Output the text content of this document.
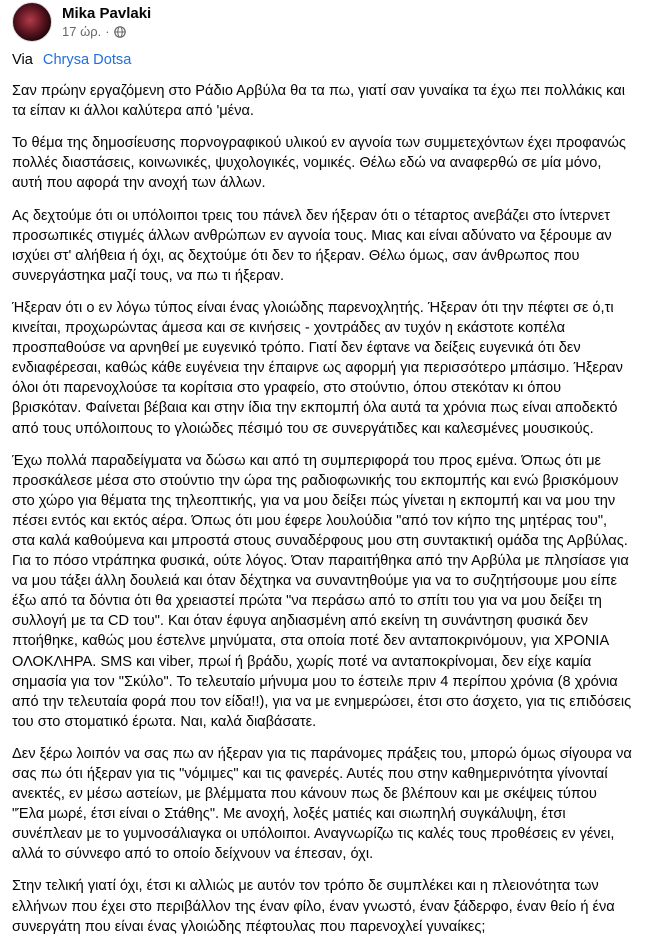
Mika Pavlaki
17 ώρ. ·
Via Chrysa Dotsa

Σαν πρώην εργαζόμενη στο Ράδιο Αρβύλα θα τα πω, γιατί σαν γυναίκα τα έχω πει πολλάκις και τα είπαν κι άλλοι καλύτερα από 'μένα.

Το θέμα της δημοσίευσης πορνογραφικού υλικού εν αγνοία των συμμετεχόντων έχει προφανώς πολλές διαστάσεις, κοινωνικές, ψυχολογικές, νομικές. Θέλω εδώ να αναφερθώ σε μία μόνο, αυτή που αφορά την ανοχή των άλλων.

Ας δεχτούμε ότι οι υπόλοιποι τρεις του πάνελ δεν ήξεραν ότι ο τέταρτος ανεβάζει στο ίντερνετ προσωπικές στιγμές άλλων ανθρώπων εν αγνοία τους. Μιας και είναι αδύνατο να ξέρουμε αν ισχύει στ' αλήθεια ή όχι, ας δεχτούμε ότι δεν το ήξεραν. Θέλω όμως, σαν άνθρωπος που συνεργάστηκα μαζί τους, να πω τι ήξεραν.

Ήξεραν ότι ο εν λόγω τύπος είναι ένας γλοιώδης παρενοχλητής. Ήξεραν ότι την πέφτει σε ό,τι κινείται, προχωρώντας άμεσα και σε κινήσεις - χοντράδες αν τυχόν η εκάστοτε κοπέλα προσπαθούσε να αρνηθεί με ευγενικό τρόπο. Γιατί δεν έφτανε να δείξεις ευγενικά ότι δεν ενδιαφέρεσαι, καθώς κάθε ευγένεια την έπαιρνε ως αφορμή για περισσότερο μπάσιμο. Ήξεραν όλοι ότι παρενοχλούσε τα κορίτσια στο γραφείο, στο στούντιο, όπου στεκόταν κι όπου βρισκόταν. Φαίνεται βέβαια και στην ίδια την εκπομπή όλα αυτά τα χρόνια πως είναι αποδεκτό από τους υπόλοιπους το γλοιώδες πέσιμό του σε συνεργάτιδες και καλεσμένες μουσικούς.

Έχω πολλά παραδείγματα να δώσω και από τη συμπεριφορά του προς εμένα. Όπως ότι με προσκάλεσε μέσα στο στούντιο την ώρα της ραδιοφωνικής του εκπομπής και ενώ βρισκόμουν στο χώρο για θέματα της τηλεοπτικής, για να μου δείξει πώς γίνεται η εκπομπή και να μου την πέσει εντός και εκτός αέρα. Όπως ότι μου έφερε λουλούδια "από τον κήπο της μητέρας του", στα καλά καθούμενα και μπροστά στους συναδέρφους μου στη συντακτική ομάδα της Αρβύλας. Για το πόσο ντράπηκα φυσικά, ούτε λόγος. Όταν παραιτήθηκα από την Αρβύλα με πλησίασε για να μου τάξει άλλη δουλειά και όταν δέχτηκα να συναντηθούμε για να το συζητήσουμε μου είπε έξω από τα δόντια ότι θα χρειαστεί πρώτα "να περάσω από το σπίτι του για να μου δείξει τη συλλογή με τα CD του". Και όταν έφυγα αηδιασμένη από εκείνη τη συνάντηση φυσικά δεν πτοήθηκε, καθώς μου έστελνε μηνύματα, στα οποία ποτέ δεν ανταποκρινόμουν, για ΧΡΟΝΙΑ ΟΛΟΚΛΗΡΑ. SMS και viber, πρωί ή βράδυ, χωρίς ποτέ να ανταποκρίνομαι, δεν είχε καμία σημασία για τον "Σκύλο". Το τελευταίο μήνυμα μου το έστειλε πριν 4 περίπου χρόνια (8 χρόνια από την τελευταία φορά που τον είδα!!), για να με ενημερώσει, έτσι στο άσχετο, για τις επιδόσεις του στο στοματικό έρωτα. Ναι, καλά διαβάσατε.

Δεν ξέρω λοιπόν να σας πω αν ήξεραν για τις παράνομες πράξεις του, μπορώ όμως σίγουρα να σας πω ότι ήξεραν για τις "νόμιμες" και τις φανερές. Αυτές που στην καθημερινότητα γίνονταί ανεκτές, εν μέσω αστείων, με βλέμματα που κάνουν πως δε βλέπουν και με σκέψεις τύπου "Έλα μωρέ, έτσι είναι ο Στάθης". Με ανοχή, λοξές ματιές και σιωπηλή συγκάλυψη, έτσι συνέπλεαν με το γυμνοσάλιαγκα οι υπόλοιποι. Αναγνωρίζω τις καλές τους προθέσεις εν γένει, αλλά το σύννεφο από το οποίο δείχνουν να έπεσαν, όχι.

Στην τελική γιατί όχι, έτσι κι αλλιώς με αυτόν τον τρόπο δε συμπλέκει και η πλειονότητα των ελλήνων που έχει στο περιβάλλον της έναν φίλο, έναν γνωστό, έναν ξάδερφο, έναν θείο ή ένα συνεργάτη που είναι ένας γλοιώδης πέφτουλας που παρενοχλεί γυναίκες;
